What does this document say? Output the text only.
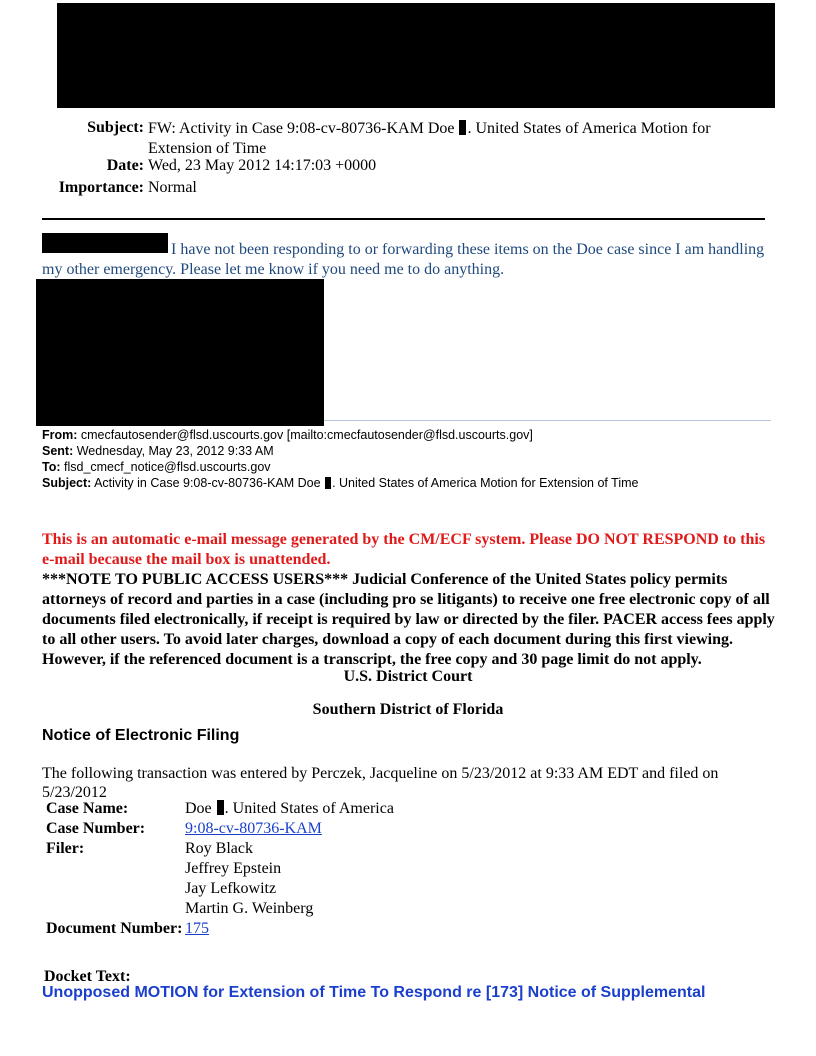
Subject: FW: Activity in Case 9:08-cv-80736-KAM Doe . United States of America Motion for
Extension of Time
Date: Wed, 23 May 2012 14:17:03 +0000
Importance: Normal
I have not been responding to or forwarding these items on the Doe case since I am handling my other emergency. Please let me know if you need me to do anything.
From: cmecfautosender@flsd.uscourts.gov [mailto:cmecfautosender@flsd.uscourts.gov]
Sent: Wednesday, May 23, 2012 9:33 AM
To: flsd_cmecf_notice@flsd.uscourts.gov
Subject: Activity in Case 9:08-cv-80736-KAM Doe . United States of America Motion for Extension of Time
This is an automatic e-mail message generated by the CM/ECF system. Please DO NOT RESPOND to this e-mail because the mail box is unattended.
***NOTE TO PUBLIC ACCESS USERS*** Judicial Conference of the United States policy permits attorneys of record and parties in a case (including pro se litigants) to receive one free electronic copy of all documents filed electronically, if receipt is required by law or directed by the filer. PACER access fees apply to all other users. To avoid later charges, download a copy of each document during this first viewing. However, if the referenced document is a transcript, the free copy and 30 page limit do not apply.
U.S. District Court
Southern District of Florida
Notice of Electronic Filing
The following transaction was entered by Perczek, Jacqueline on 5/23/2012 at 9:33 AM EDT and filed on 5/23/2012
Case Name:	Doe . United States of America
Case Number: 9:08-cv-80736-KAM
Filer:	Roy Black
Jeffrey Epstein
Jay Lefkowitz
Martin G. Weinberg
Document Number: 175
Docket Text:
Unopposed MOTION for Extension of Time To Respond re [173] Notice of Supplemental
